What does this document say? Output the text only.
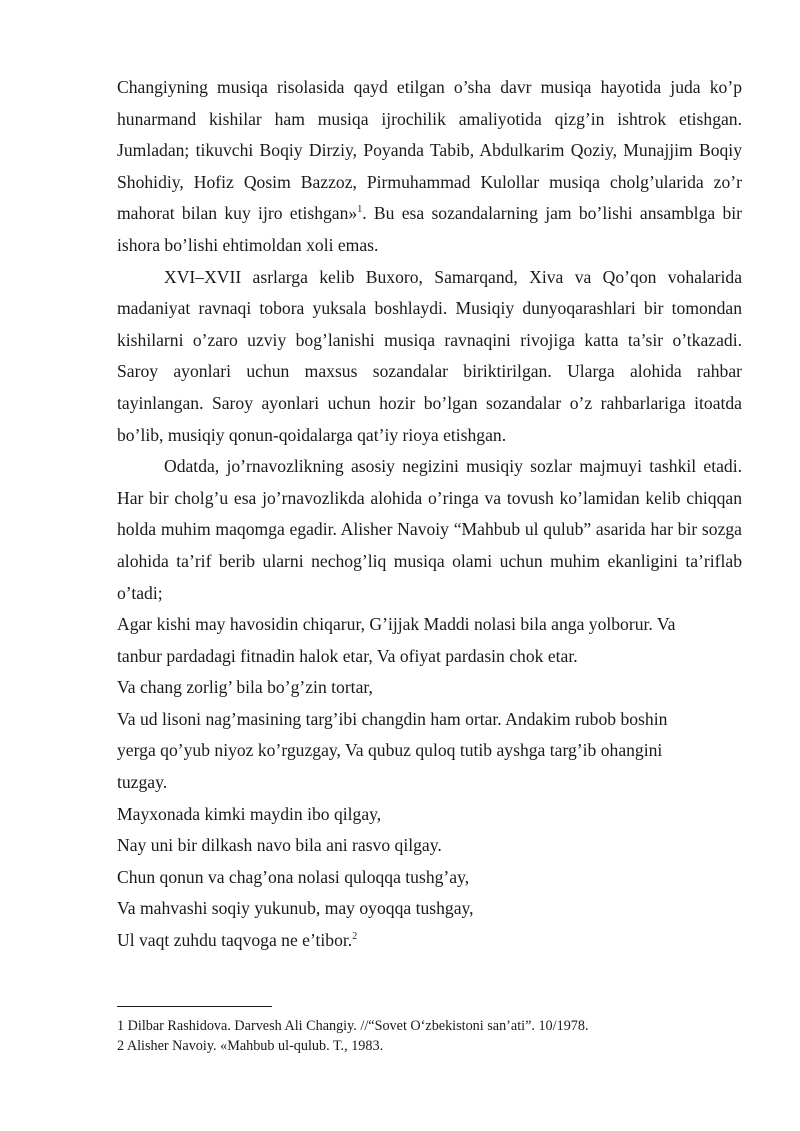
Changiyning musiqa risolasida qayd etilgan o’sha davr musiqa hayotida juda ko’p hunarmand kishilar ham musiqa ijrochilik amaliyotida qizg’in ishtrok etishgan. Jumladan; tikuvchi Boqiy Dirziy, Poyanda Tabib, Abdulkarim Qoziy, Munajjim Boqiy Shohidiy, Hofiz Qosim Bazzoz, Pirmuhammad Kulollar musiqa cholg’ularida zo’r mahorat bilan kuy ijro etishgan»$^1$. Bu esa sozandalarning jam bo’lishi ansamblga bir ishora bo’lishi ehtimoldan xoli emas.

XVI–XVII asrlarga kelib Buxoro, Samarqand, Xiva va Qo’qon vohalarida madaniyat ravnaqi tobora yuksala boshlaydi. Musiqiy dunyoqarashlari bir tomondan kishilarni o’zaro uzviy bog’lanishi musiqa ravnaqini rivojiga katta ta’sir o’tkazadi. Saroy ayonlari uchun maxsus sozandalar biriktirilgan. Ularga alohida rahbar tayinlangan. Saroy ayonlari uchun hozir bo’lgan sozandalar o’z rahbarlariga itoatda bo’lib, musiqiy qonun-qoidalarga qat’iy rioya etishgan.

Odatda, jo’rnavozlikning asosiy negizini musiqiy sozlar majmuyi tashkil etadi. Har bir cholg’u esa jo’rnavozlikda alohida o’ringa va tovush ko’lamidan kelib chiqqan holda muhim maqomga egadir. Alisher Navoiy “Mahbub ul qulub” asarida har bir sozga alohida ta’rif berib ularni nechog’liq musiqa olami uchun muhim ekanligini ta’riflab o’tadi;

Agar kishi may havosidin chiqarur, G’ijjak Maddi nolasi bila anga yolborur. Va

tanbur pardadagi fitnadin halok etar, Va ofiyat pardasin chok etar.

Va chang zorlig’ bila bo’g’zin tortar,

Va ud lisoni nag’masining targ’ibi changdin ham ortar. Andakim rubob boshin

yerga qo’yub niyoz ko’rguzgay, Va qubuz quloq tutib ayshga targ’ib ohangini

tuzgay.

Mayxonada kimki maydin ibo qilgay,

Nay uni bir dilkash navo bila ani rasvo qilgay.

Chun qonun va chag’ona nolasi quloqqa tushg’ay,

Va mahvashi soqiy yukunub, may oyoqqa tushgay,

Ul vaqt zuhdu taqvoga ne e’tibor.$^2$

1 Dilbar Rashidova. Darvesh Ali Changiy. //“Sovet O‘zbekistoni san’ati”. 10/1978.

2 Alisher Navoiy. «Mahbub ul-qulub. T., 1983.
